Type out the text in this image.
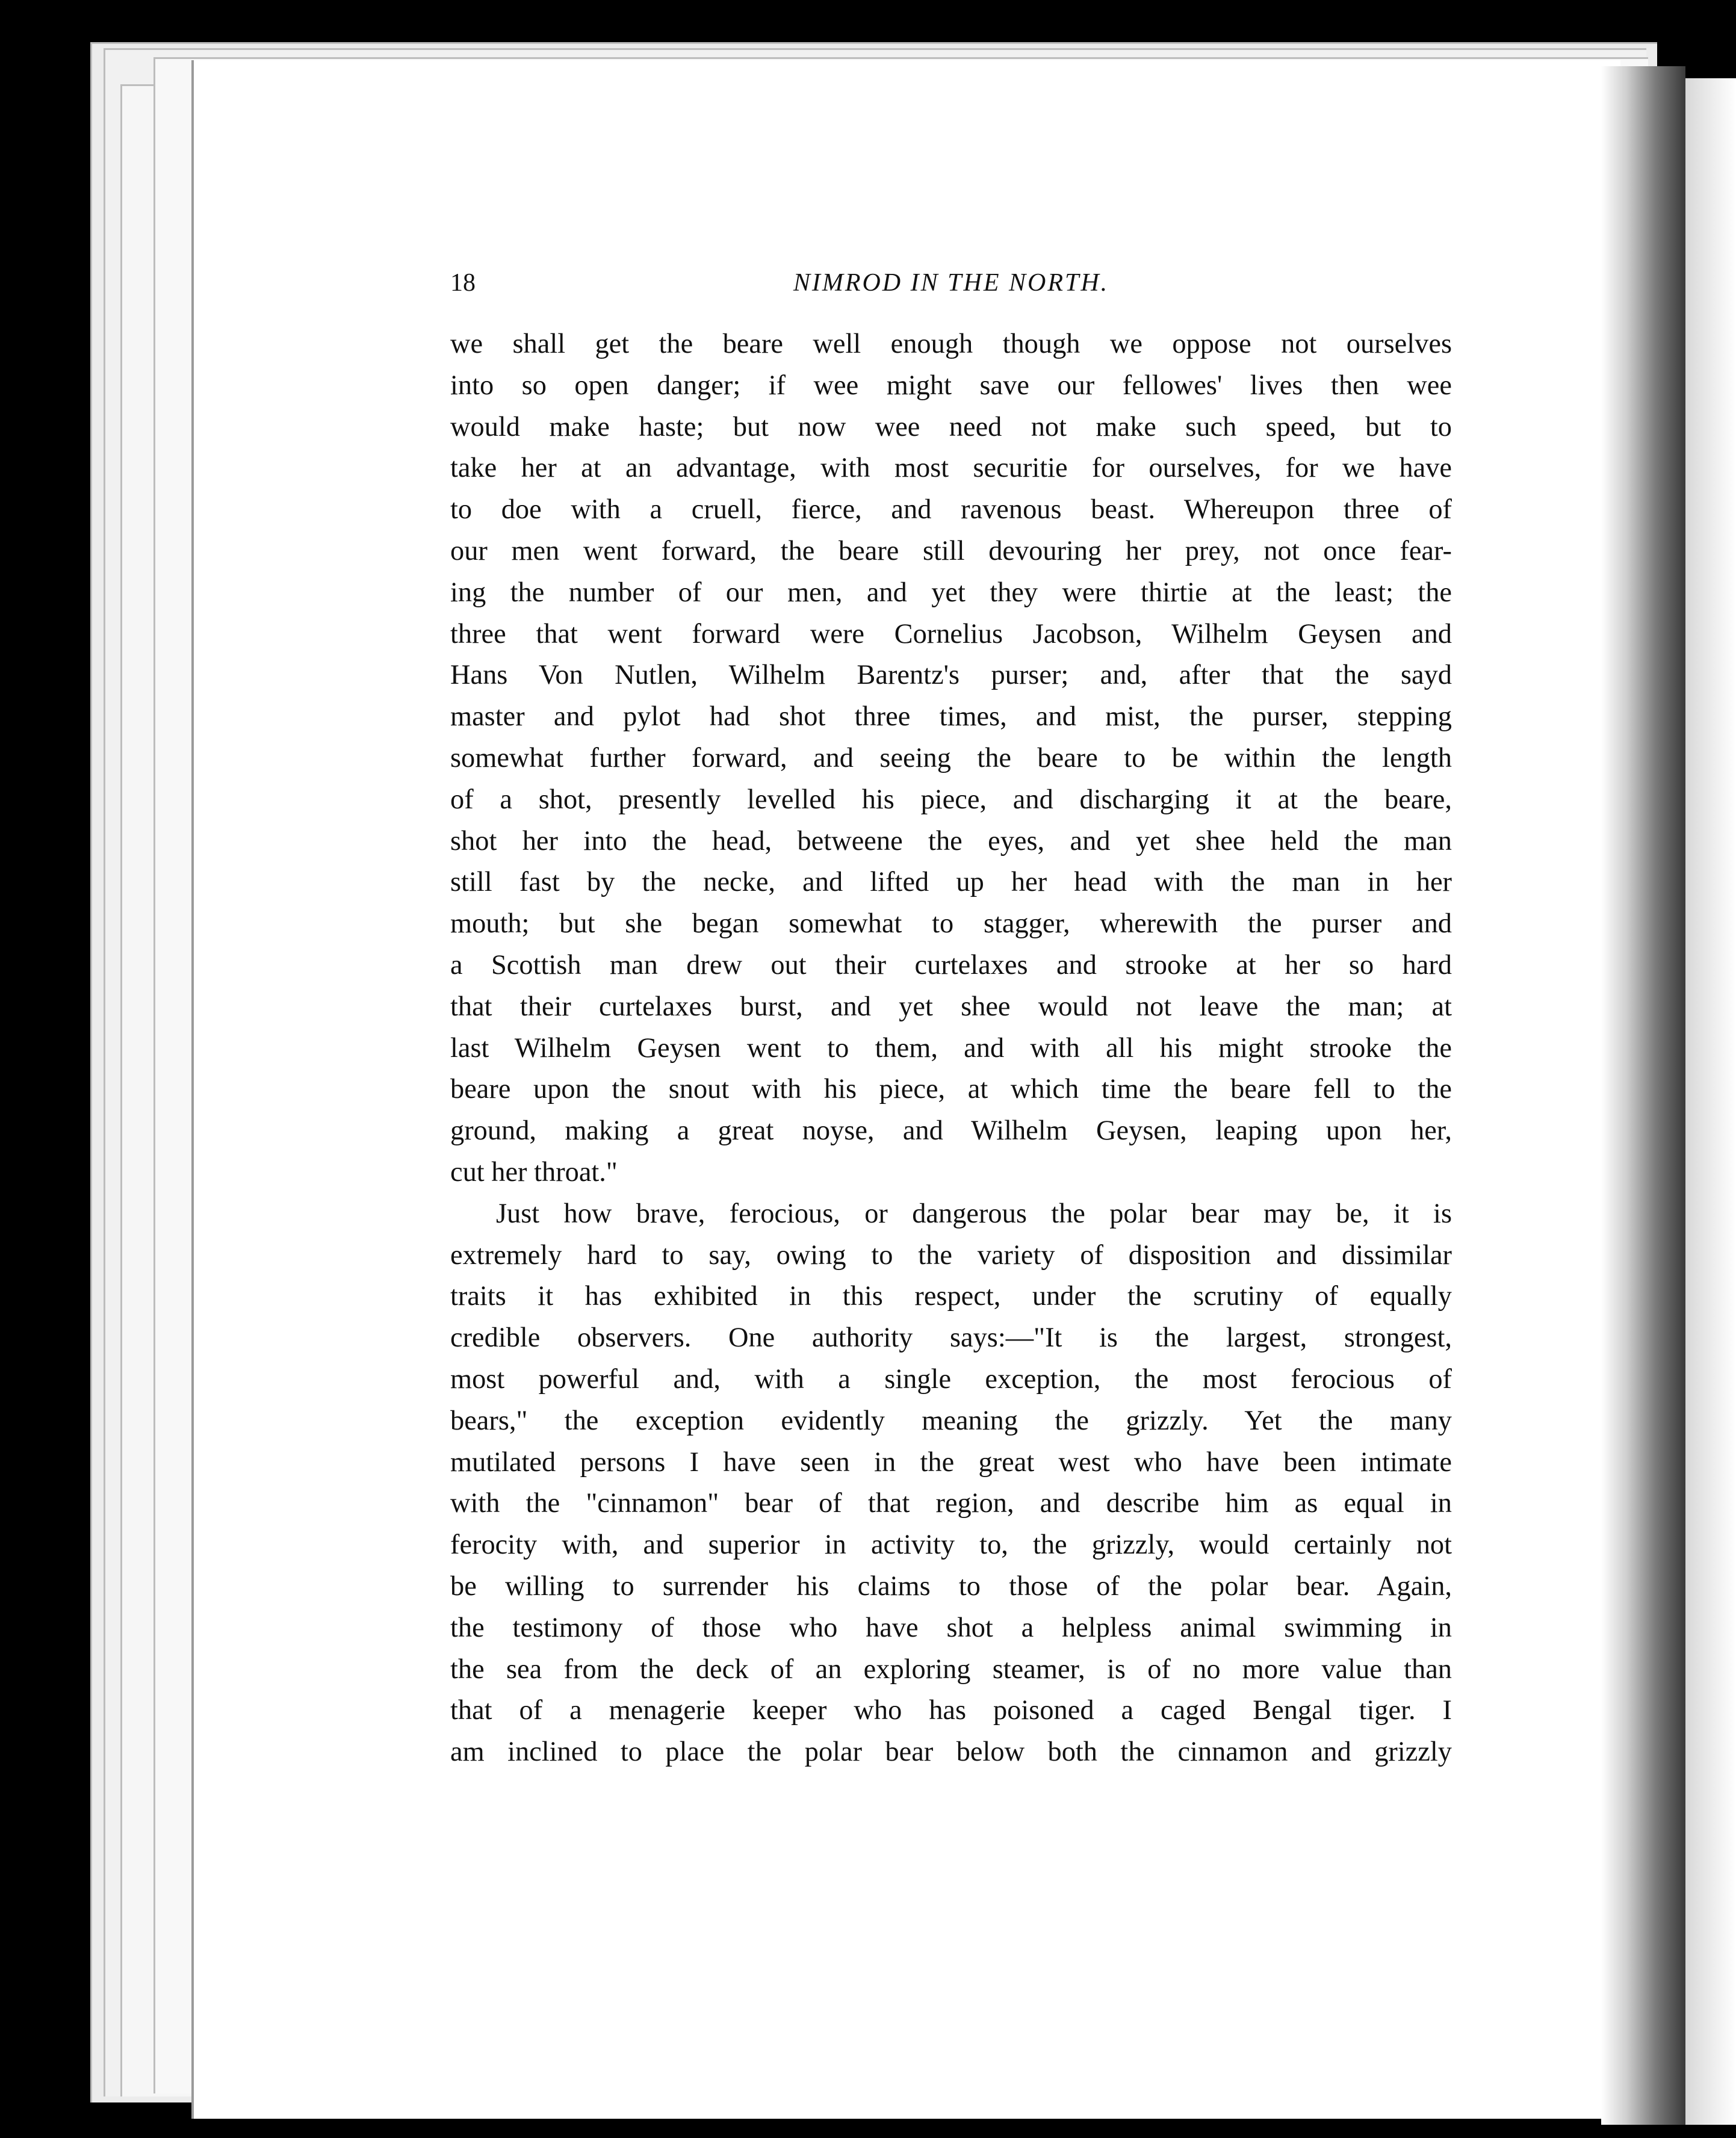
18	NIMROD IN THE NORTH.
we shall get the beare well enough though we oppose not ourselves
into so open danger; if wee might save our fellowes' lives then wee
would make haste; but now wee need not make such speed, but to
take her at an advantage, with most securitie for ourselves, for we have
to doe with a cruell, fierce, and ravenous beast. Whereupon three of
our men went forward, the beare still devouring her prey, not once fear-
ing the number of our men, and yet they were thirtie at the least; the
three that went forward were Cornelius Jacobson, Wilhelm Geysen and
Hans Von Nutlen, Wilhelm Barentz's purser; and, after that the sayd
master and pylot had shot three times, and mist, the purser, stepping
somewhat further forward, and seeing the beare to be within the length
of a shot, presently levelled his piece, and discharging it at the beare,
shot her into the head, betweene the eyes, and yet shee held the man
still fast by the necke, and lifted up her head with the man in her
mouth; but she began somewhat to stagger, wherewith the purser and
a Scottish man drew out their curtelaxes and strooke at her so hard
that their curtelaxes burst, and yet shee would not leave the man; at
last Wilhelm Geysen went to them, and with all his might strooke the
beare upon the snout with his piece, at which time the beare fell to the
ground, making a great noyse, and Wilhelm Geysen, leaping upon her,
cut her throat."
Just how brave, ferocious, or dangerous the polar bear may be, it is
extremely hard to say, owing to the variety of disposition and dissimilar
traits it has exhibited in this respect, under the scrutiny of equally
credible observers. One authority says:—"It is the largest, strongest,
most powerful and, with a single exception, the most ferocious of
bears," the exception evidently meaning the grizzly. Yet the many
mutilated persons I have seen in the great west who have been intimate
with the "cinnamon" bear of that region, and describe him as equal in
ferocity with, and superior in activity to, the grizzly, would certainly not
be willing to surrender his claims to those of the polar bear. Again,
the testimony of those who have shot a helpless animal swimming in
the sea from the deck of an exploring steamer, is of no more value than
that of a menagerie keeper who has poisoned a caged Bengal tiger. I
am inclined to place the polar bear below both the cinnamon and grizzly
